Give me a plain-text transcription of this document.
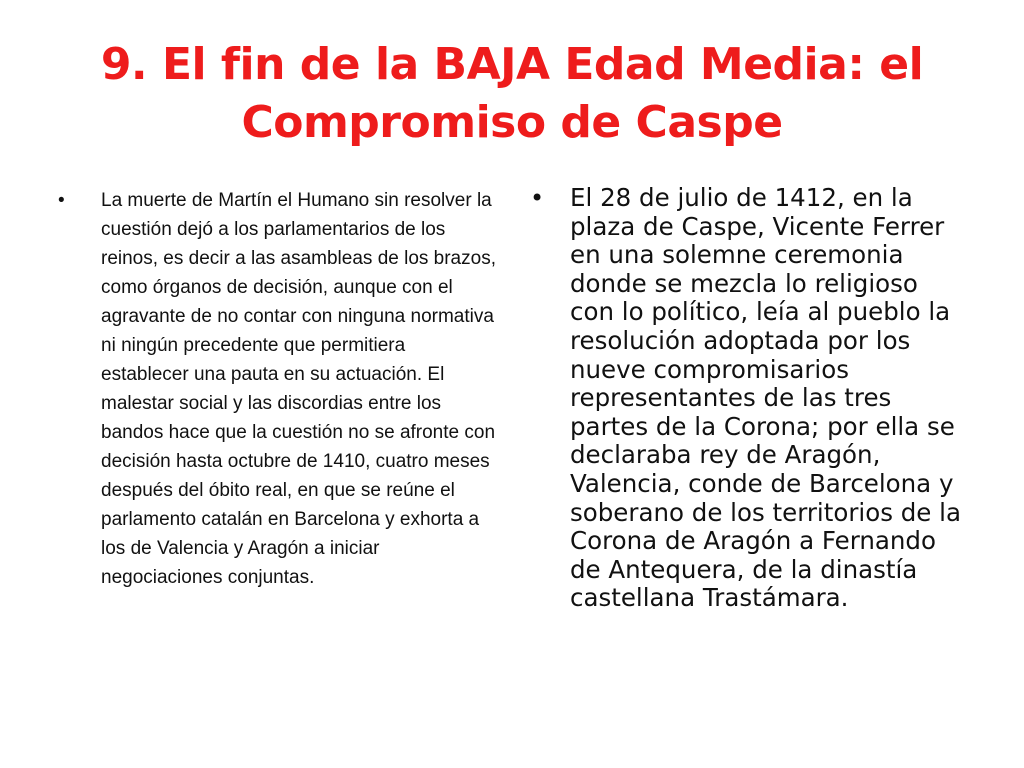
9. El fin de la BAJA Edad Media: el Compromiso de Caspe
• La muerte de Martín el Humano sin resolver la cuestión dejó a los parlamentarios de los reinos, es decir a las asambleas de los brazos, como órganos de decisión, aunque con el agravante de no contar con ninguna normativa ni ningún precedente que permitiera establecer una pauta en su actuación. El malestar social y las discordias entre los bandos hace que la cuestión no se afronte con decisión hasta octubre de 1410, cuatro meses después del óbito real, en que se reúne el parlamento catalán en Barcelona y exhorta a los de Valencia y Aragón a iniciar negociaciones conjuntas.
• El 28 de julio de 1412, en la plaza de Caspe, Vicente Ferrer en una solemne ceremonia donde se mezcla lo religioso con lo político, leía al pueblo la resolución adoptada por los nueve compromisarios representantes de las tres partes de la Corona; por ella se declaraba rey de Aragón, Valencia, conde de Barcelona y soberano de los territorios de la Corona de Aragón a Fernando de Antequera, de la dinastía castellana Trastámara.
